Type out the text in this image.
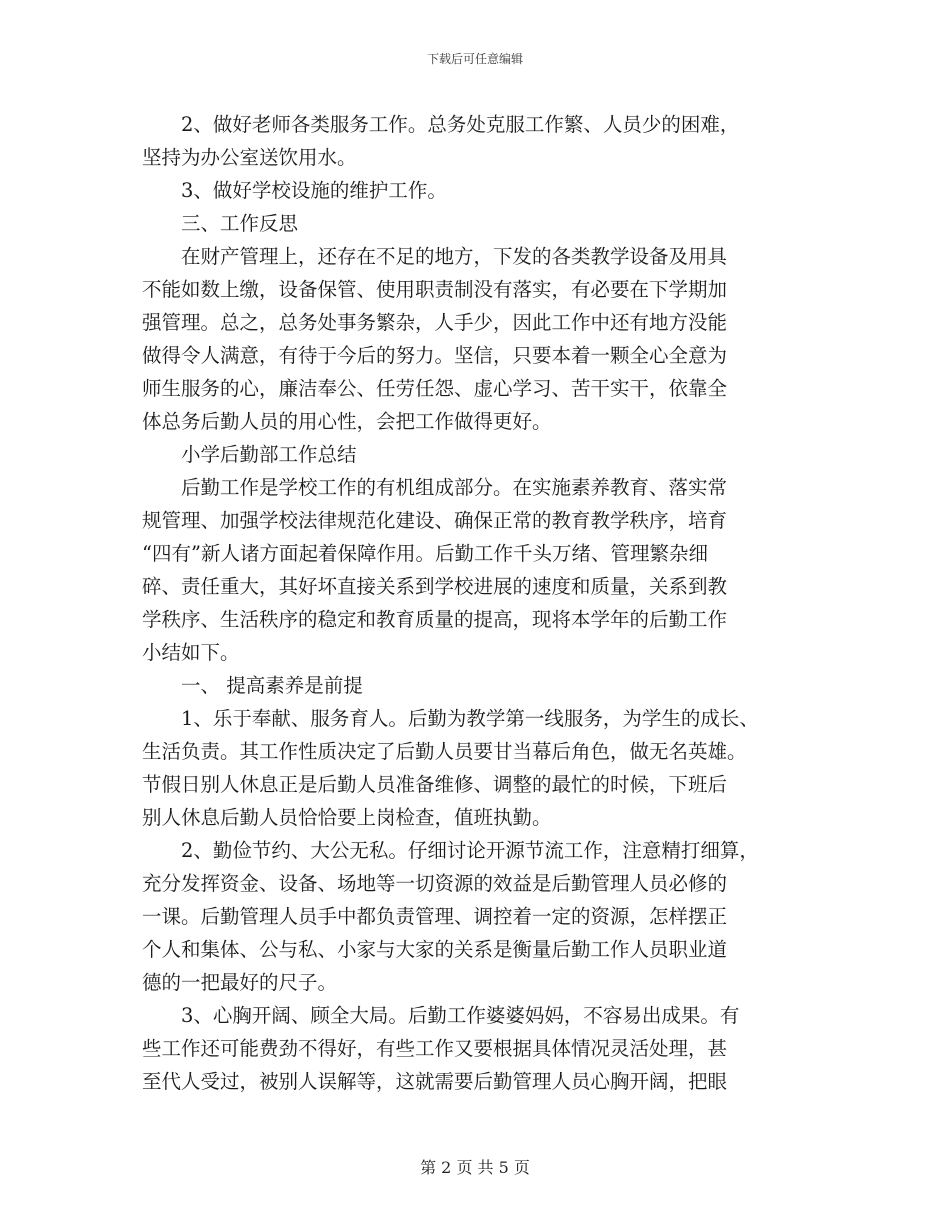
下载后可任意编辑
　　2、做好老师各类服务工作。总务处克服工作繁、人员少的困难，
坚持为办公室送饮用水。
　　3、做好学校设施的维护工作。
　　三、工作反思
　　在财产管理上，还存在不足的地方，下发的各类教学设备及用具
不能如数上缴，设备保管、使用职责制没有落实，有必要在下学期加
强管理。总之，总务处事务繁杂，人手少，因此工作中还有地方没能
做得令人满意，有待于今后的努力。坚信，只要本着一颗全心全意为
师生服务的心，廉洁奉公、任劳任怨、虚心学习、苦干实干，依靠全
体总务后勤人员的用心性，会把工作做得更好。
　　小学后勤部工作总结
　　后勤工作是学校工作的有机组成部分。在实施素养教育、落实常
规管理、加强学校法律规范化建设、确保正常的教育教学秩序，培育
“四有”新人诸方面起着保障作用。后勤工作千头万绪、管理繁杂细
碎、责任重大，其好坏直接关系到学校进展的速度和质量，关系到教
学秩序、生活秩序的稳定和教育质量的提高，现将本学年的后勤工作
小结如下。
　　一、 提高素养是前提
　　1、乐于奉献、服务育人。后勤为教学第一线服务，为学生的成长、
生活负责。其工作性质决定了后勤人员要甘当幕后角色，做无名英雄。
节假日别人休息正是后勤人员准备维修、调整的最忙的时候，下班后
别人休息后勤人员恰恰要上岗检查，值班执勤。
　　2、勤俭节约、大公无私。仔细讨论开源节流工作，注意精打细算，
充分发挥资金、设备、场地等一切资源的效益是后勤管理人员必修的
一课。后勤管理人员手中都负责管理、调控着一定的资源，怎样摆正
个人和集体、公与私、小家与大家的关系是衡量后勤工作人员职业道
德的一把最好的尺子。
　　3、心胸开阔、顾全大局。后勤工作婆婆妈妈，不容易出成果。有
些工作还可能费劲不得好，有些工作又要根据具体情况灵活处理，甚
至代人受过，被别人误解等，这就需要后勤管理人员心胸开阔，把眼
第 2 页 共 5 页
